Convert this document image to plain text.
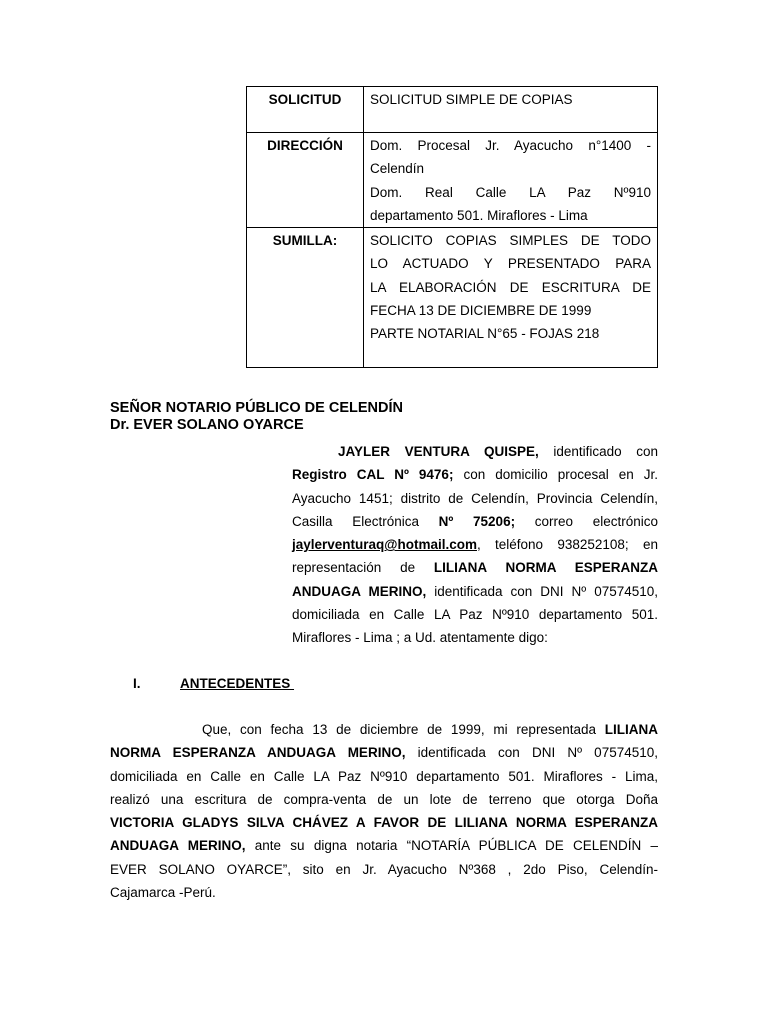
SOLICITUD	SOLICITUD SIMPLE DE COPIAS

DIRECCIÓN	Dom. Procesal Jr. Ayacucho n°1400 -
Celendín
Dom. Real Calle LA Paz Nº910
departamento 501. Miraflores - Lima

SUMILLA:	SOLICITO COPIAS SIMPLES DE TODO
LO ACTUADO Y PRESENTADO PARA
LA ELABORACIÓN DE ESCRITURA DE
FECHA 13 DE DICIEMBRE DE 1999
PARTE NOTARIAL N°65 - FOJAS 218
SEÑOR NOTARIO PÚBLICO DE CELENDÍN
Dr. EVER SOLANO OYARCE
JAYLER VENTURA QUISPE, identificado con
Registro CAL Nº 9476; con domicilio procesal en Jr.
Ayacucho 1451; distrito de Celendín, Provincia Celendín,
Casilla Electrónica Nº 75206; correo electrónico
jaylerventuraq@hotmail.com, teléfono 938252108; en
representación de LILIANA NORMA ESPERANZA
ANDUAGA MERINO, identificada con DNI Nº 07574510,
domiciliada en Calle LA Paz Nº910 departamento 501.
Miraflores - Lima ; a Ud. atentamente digo:
I.	ANTECEDENTES
Que, con fecha 13 de diciembre de 1999, mi representada LILIANA
NORMA ESPERANZA ANDUAGA MERINO, identificada con DNI Nº 07574510,
domiciliada en Calle en Calle LA Paz Nº910 departamento 501. Miraflores - Lima,
realizó una escritura de compra-venta de un lote de terreno que otorga Doña
VICTORIA GLADYS SILVA CHÁVEZ A FAVOR DE LILIANA NORMA ESPERANZA
ANDUAGA MERINO, ante su digna notaria “NOTARÍA PÚBLICA DE CELENDÍN –
EVER SOLANO OYARCE”, sito en Jr. Ayacucho Nº368 , 2do Piso, Celendín-
Cajamarca -Perú.
